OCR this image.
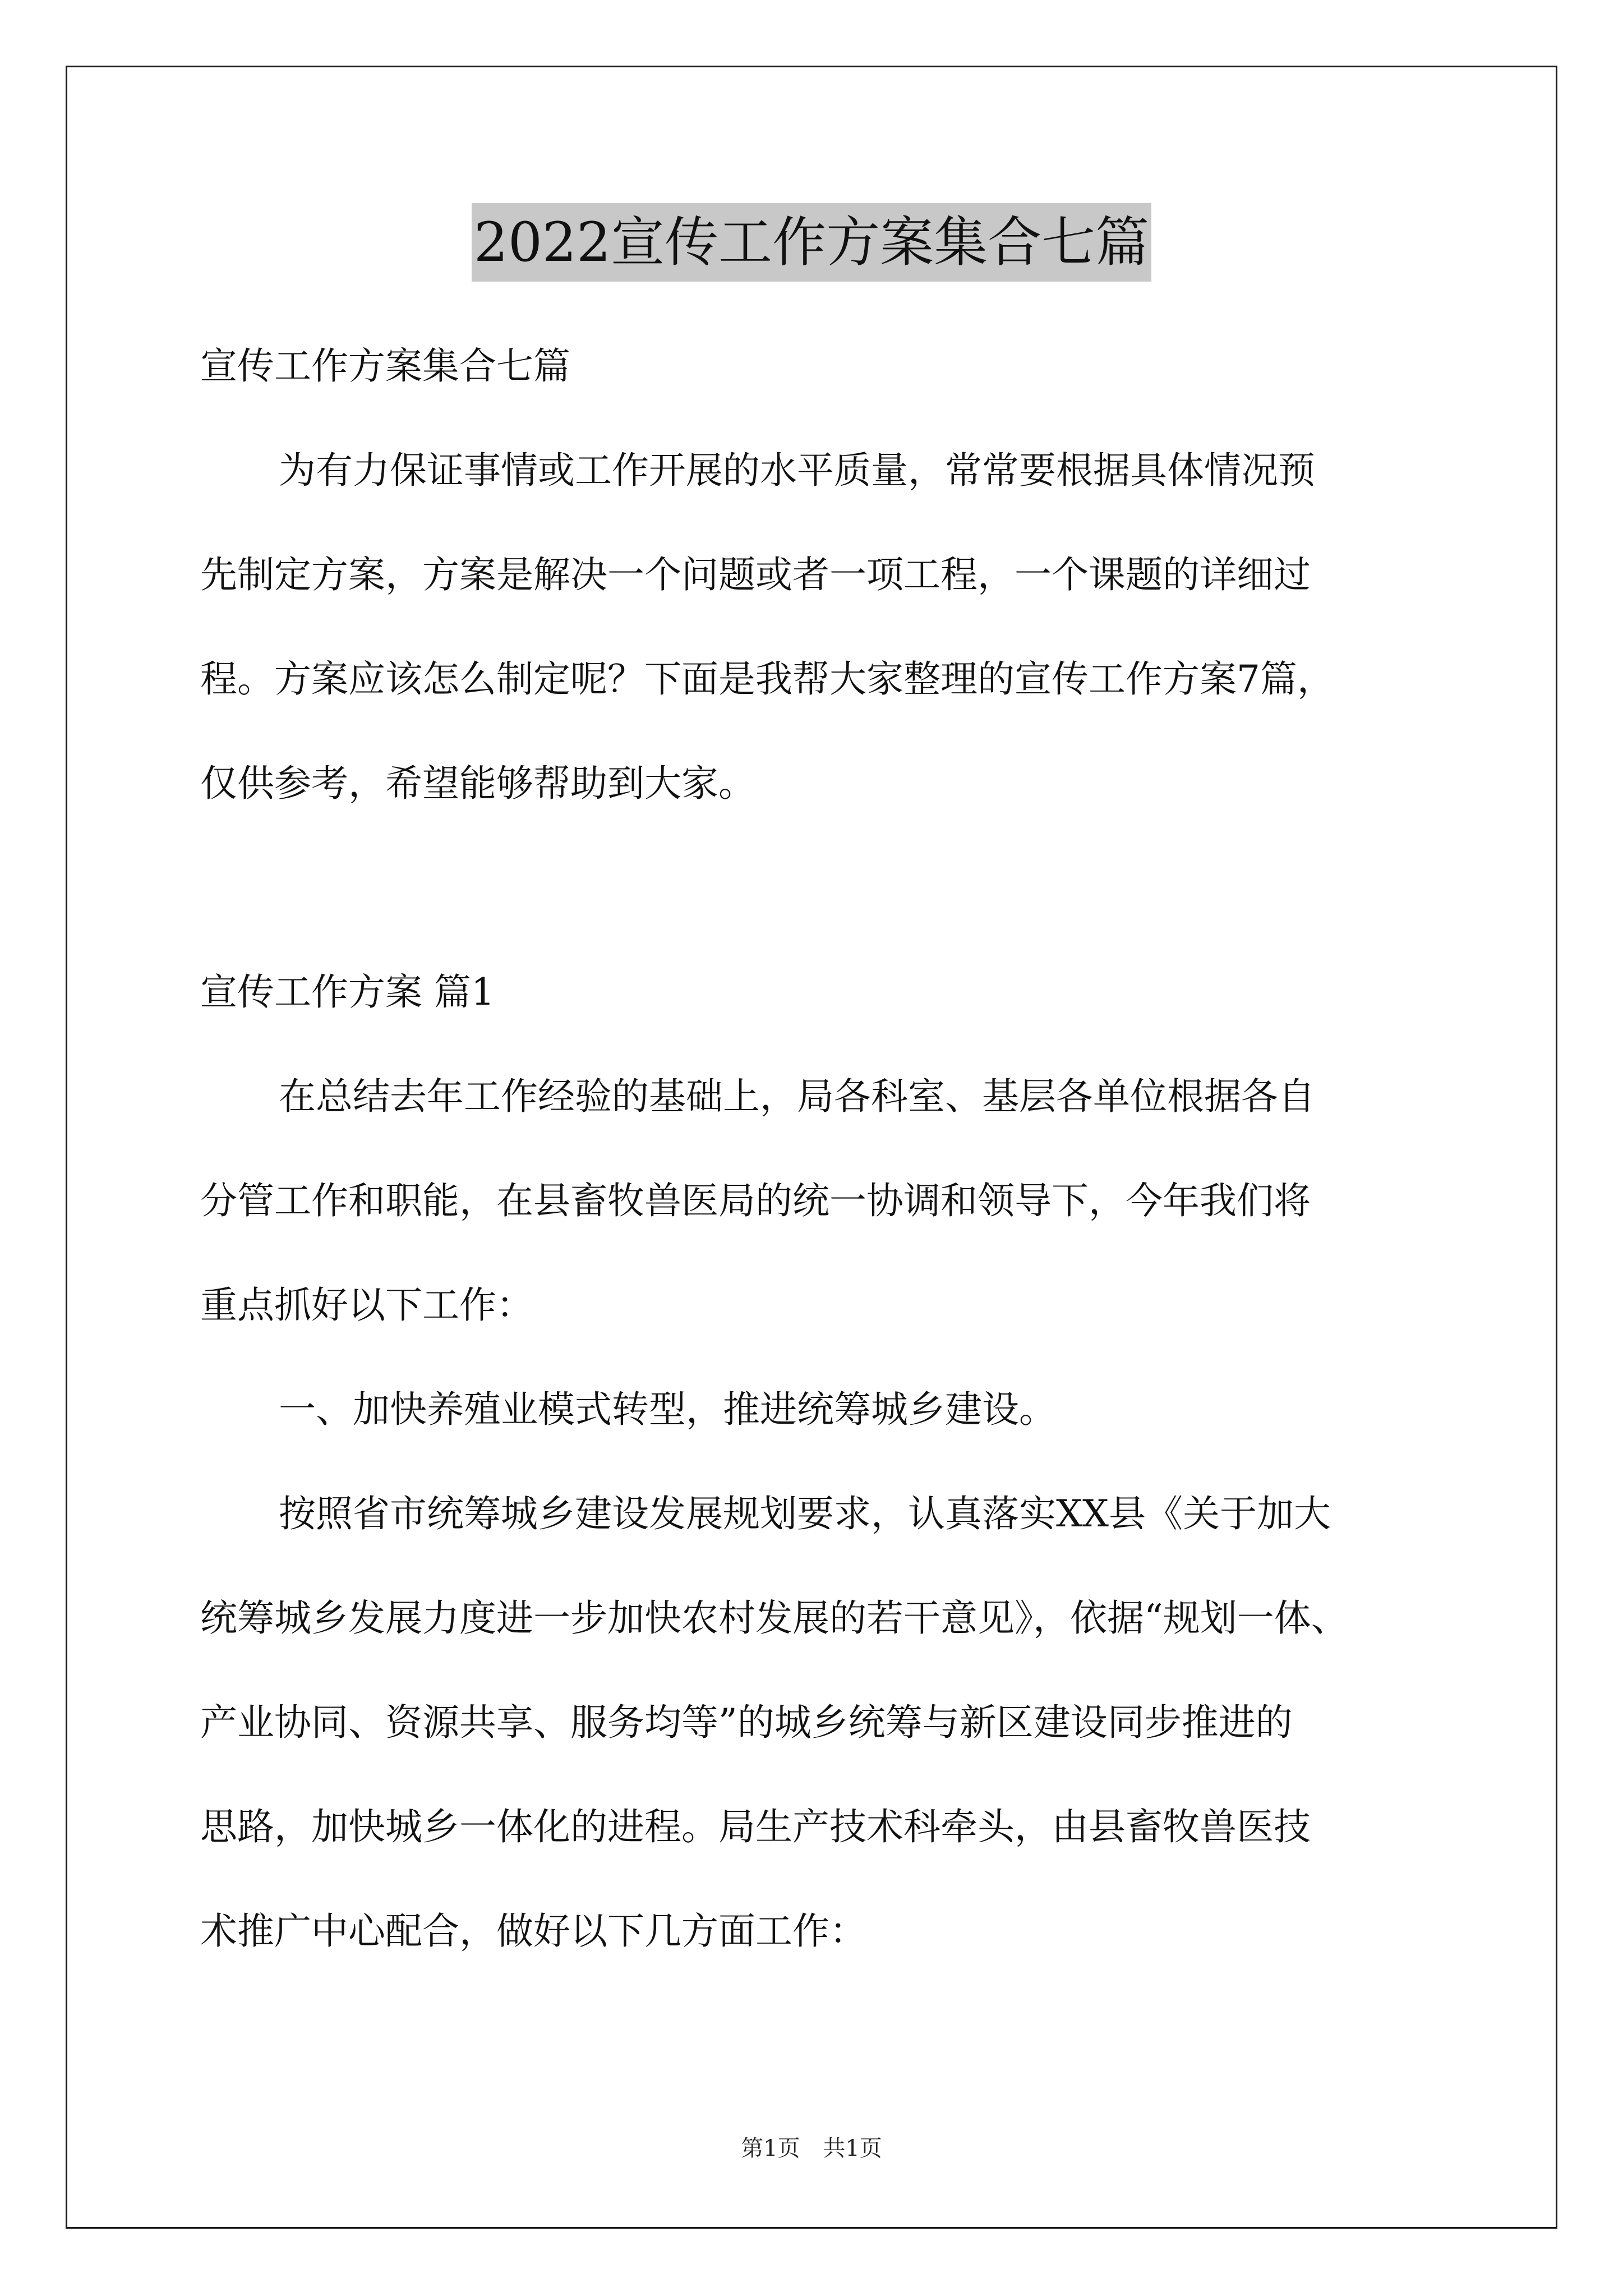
2022宣传工作方案集合七篇

宣传工作方案集合七篇

为有力保证事情或工作开展的水平质量，常常要根据具体情况预

先制定方案，方案是解决一个问题或者一项工程，一个课题的详细过

程。方案应该怎么制定呢？下面是我帮大家整理的宣传工作方案7篇，

仅供参考，希望能够帮助到大家。

宣传工作方案 篇1

在总结去年工作经验的基础上，局各科室、基层各单位根据各自

分管工作和职能，在县畜牧兽医局的统一协调和领导下，今年我们将

重点抓好以下工作：

一、加快养殖业模式转型，推进统筹城乡建设。

按照省市统筹城乡建设发展规划要求，认真落实XX县《关于加大

统筹城乡发展力度进一步加快农村发展的若干意见》，依据“规划一体、

产业协同、资源共享、服务均等”的城乡统筹与新区建设同步推进的

思路，加快城乡一体化的进程。局生产技术科牵头，由县畜牧兽医技

术推广中心配合，做好以下几方面工作：

第1页 共1页
